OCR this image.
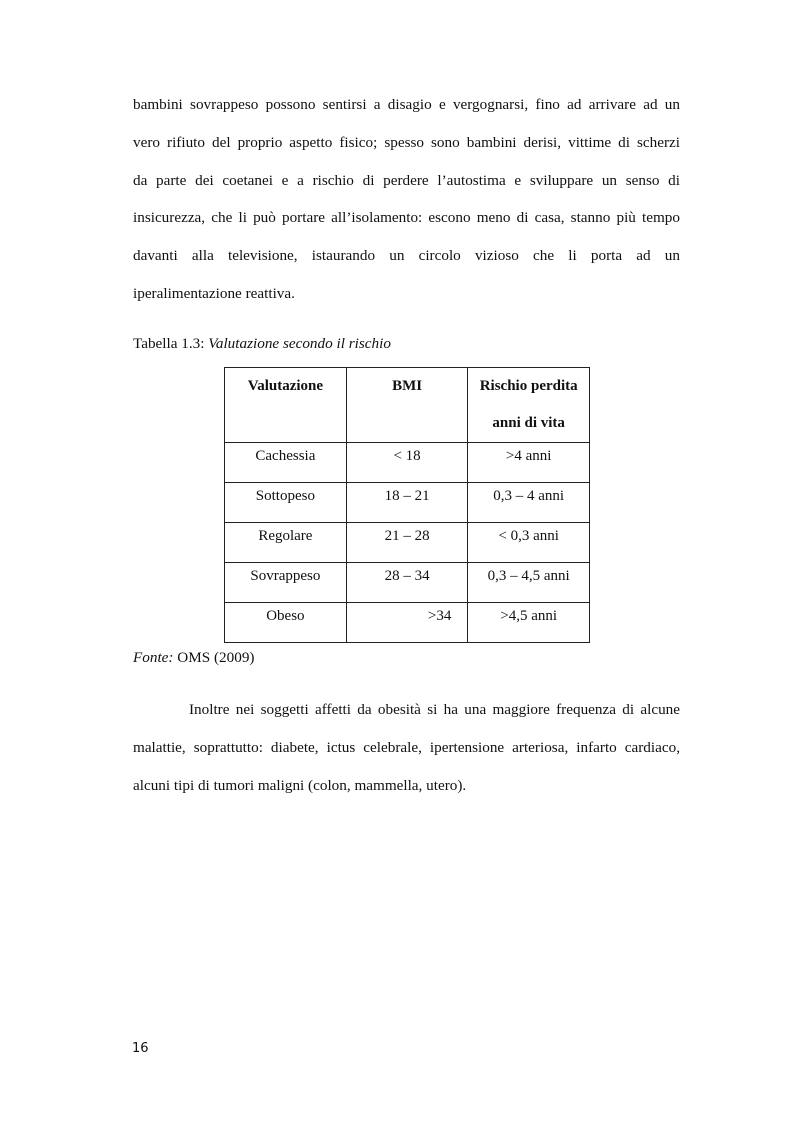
bambini sovrappeso possono sentirsi a disagio e vergognarsi, fino ad arrivare ad un
vero rifiuto del proprio aspetto fisico; spesso sono bambini derisi, vittime di scherzi
da parte dei coetanei e a rischio di perdere l’autostima e sviluppare un senso di
insicurezza, che li può portare all’isolamento: escono meno di casa, stanno più tempo
davanti alla televisione, istaurando un circolo vizioso che li porta ad un
iperalimentazione reattiva.
Tabella 1.3: Valutazione secondo il rischio
Valutazione	BMI	Rischio perdita anni di vita
Cachessia	< 18	>4 anni
Sottopeso	18 – 21	0,3 – 4 anni
Regolare	21 – 28	< 0,3 anni
Sovrappeso	28 – 34	0,3 – 4,5 anni
Obeso	>34	>4,5 anni
Fonte: OMS (2009)
Inoltre nei soggetti affetti da obesità si ha una maggiore frequenza di alcune
malattie, soprattutto: diabete, ictus celebrale, ipertensione arteriosa, infarto cardiaco,
alcuni tipi di tumori maligni (colon, mammella, utero).
16
